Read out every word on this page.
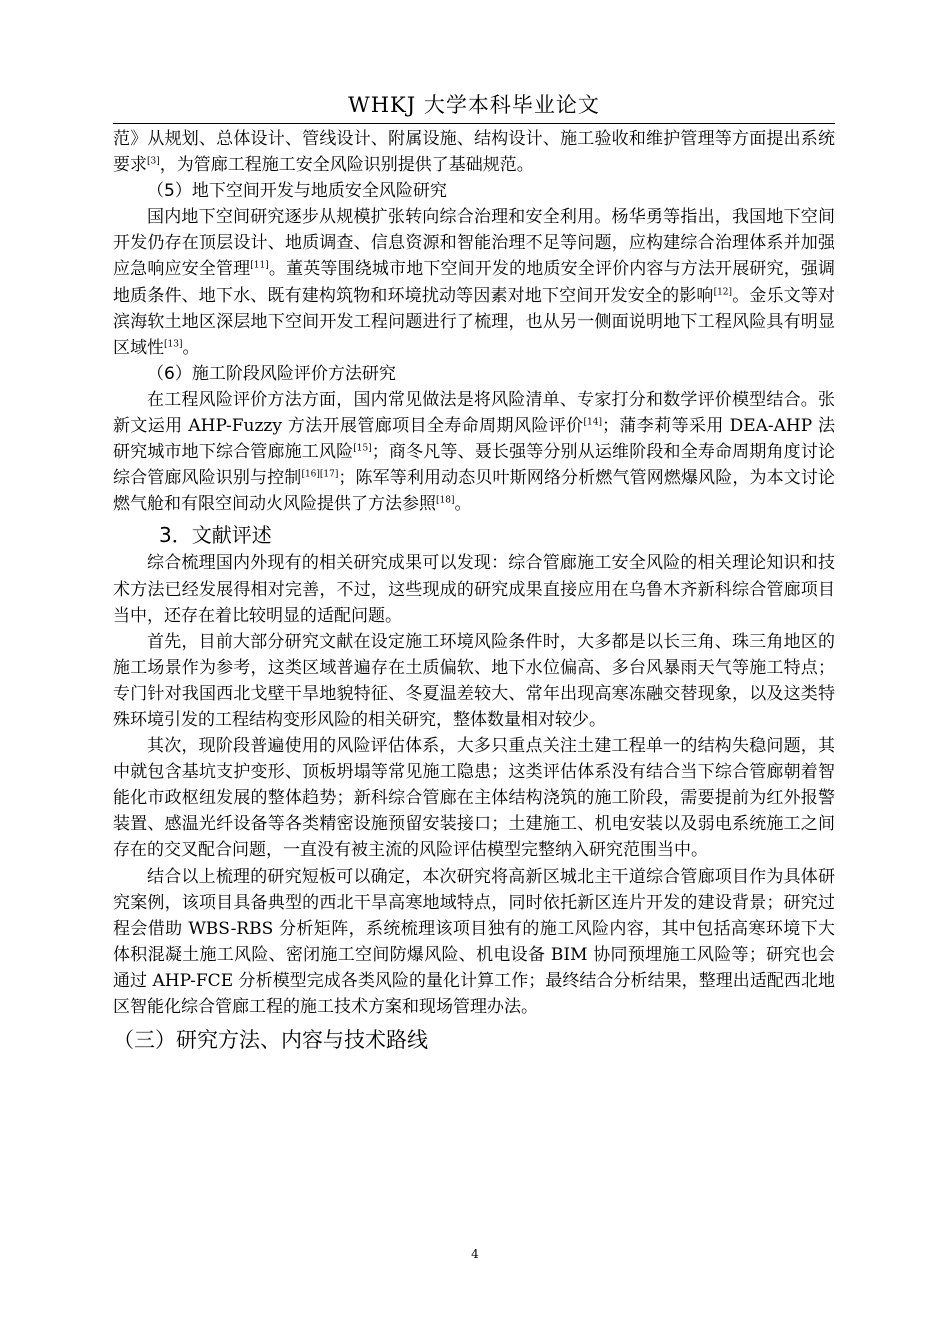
WHKJ 大学本科毕业论文

范》从规划、总体设计、管线设计、附属设施、结构设计、施工验收和维护管理等方面提出系统要求[3]，为管廊工程施工安全风险识别提供了基础规范。

（5）地下空间开发与地质安全风险研究

国内地下空间研究逐步从规模扩张转向综合治理和安全利用。杨华勇等指出，我国地下空间开发仍存在顶层设计、地质调查、信息资源和智能治理不足等问题，应构建综合治理体系并加强应急响应安全管理[11]。董英等围绕城市地下空间开发的地质安全评价内容与方法开展研究，强调地质条件、地下水、既有建构筑物和环境扰动等因素对地下空间开发安全的影响[12]。金乐文等对滨海软土地区深层地下空间开发工程问题进行了梳理，也从另一侧面说明地下工程风险具有明显区域性[13]。

（6）施工阶段风险评价方法研究

在工程风险评价方法方面，国内常见做法是将风险清单、专家打分和数学评价模型结合。张新文运用 AHP-Fuzzy 方法开展管廊项目全寿命周期风险评价[14]；蒲李莉等采用 DEA-AHP 法研究城市地下综合管廊施工风险[15]；商冬凡等、聂长强等分别从运维阶段和全寿命周期角度讨论综合管廊风险识别与控制[16][17]；陈军等利用动态贝叶斯网络分析燃气管网燃爆风险，为本文讨论燃气舱和有限空间动火风险提供了方法参照[18]。

3．文献评述

综合梳理国内外现有的相关研究成果可以发现：综合管廊施工安全风险的相关理论知识和技术方法已经发展得相对完善，不过，这些现成的研究成果直接应用在乌鲁木齐新科综合管廊项目当中，还存在着比较明显的适配问题。

首先，目前大部分研究文献在设定施工环境风险条件时，大多都是以长三角、珠三角地区的施工场景作为参考，这类区域普遍存在土质偏软、地下水位偏高、多台风暴雨天气等施工特点；专门针对我国西北戈壁干旱地貌特征、冬夏温差较大、常年出现高寒冻融交替现象，以及这类特殊环境引发的工程结构变形风险的相关研究，整体数量相对较少。

其次，现阶段普遍使用的风险评估体系，大多只重点关注土建工程单一的结构失稳问题，其中就包含基坑支护变形、顶板坍塌等常见施工隐患；这类评估体系没有结合当下综合管廊朝着智能化市政枢纽发展的整体趋势；新科综合管廊在主体结构浇筑的施工阶段，需要提前为红外报警装置、感温光纤设备等各类精密设施预留安装接口；土建施工、机电安装以及弱电系统施工之间存在的交叉配合问题，一直没有被主流的风险评估模型完整纳入研究范围当中。

结合以上梳理的研究短板可以确定，本次研究将高新区城北主干道综合管廊项目作为具体研究案例，该项目具备典型的西北干旱高寒地域特点，同时依托新区连片开发的建设背景；研究过程会借助 WBS-RBS 分析矩阵，系统梳理该项目独有的施工风险内容，其中包括高寒环境下大体积混凝土施工风险、密闭施工空间防爆风险、机电设备 BIM 协同预埋施工风险等；研究也会通过 AHP-FCE 分析模型完成各类风险的量化计算工作；最终结合分析结果，整理出适配西北地区智能化综合管廊工程的施工技术方案和现场管理办法。

（三）研究方法、内容与技术路线

4
